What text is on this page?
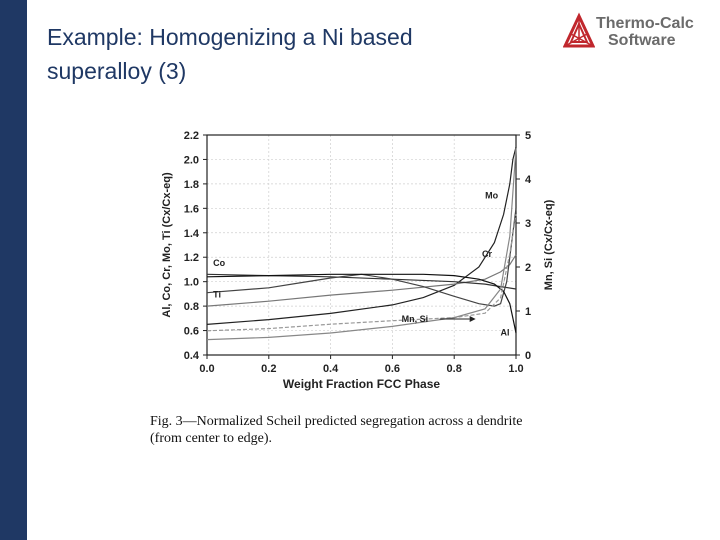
Example: Homogenizing a Ni based
superalloy (3)
Thermo-Calc
Software
0.4
0.6
0.8
1.0
1.2
1.4
1.6
1.8
2.0
2.2
0
1
2
3
4
5
0.0	0.2	0.4	0.6	0.8	1.0
Weight Fraction FCC Phase
Al, Co, Cr, Mo, Ti (Cx/Cx-eq)	Mn, Si (Cx/Cx-eq)
Mn, Si
Mo
Cr
Co
Ti
Al
Fig. 3—Normalized Scheil predicted segregation across a dendrite
(from center to edge).
